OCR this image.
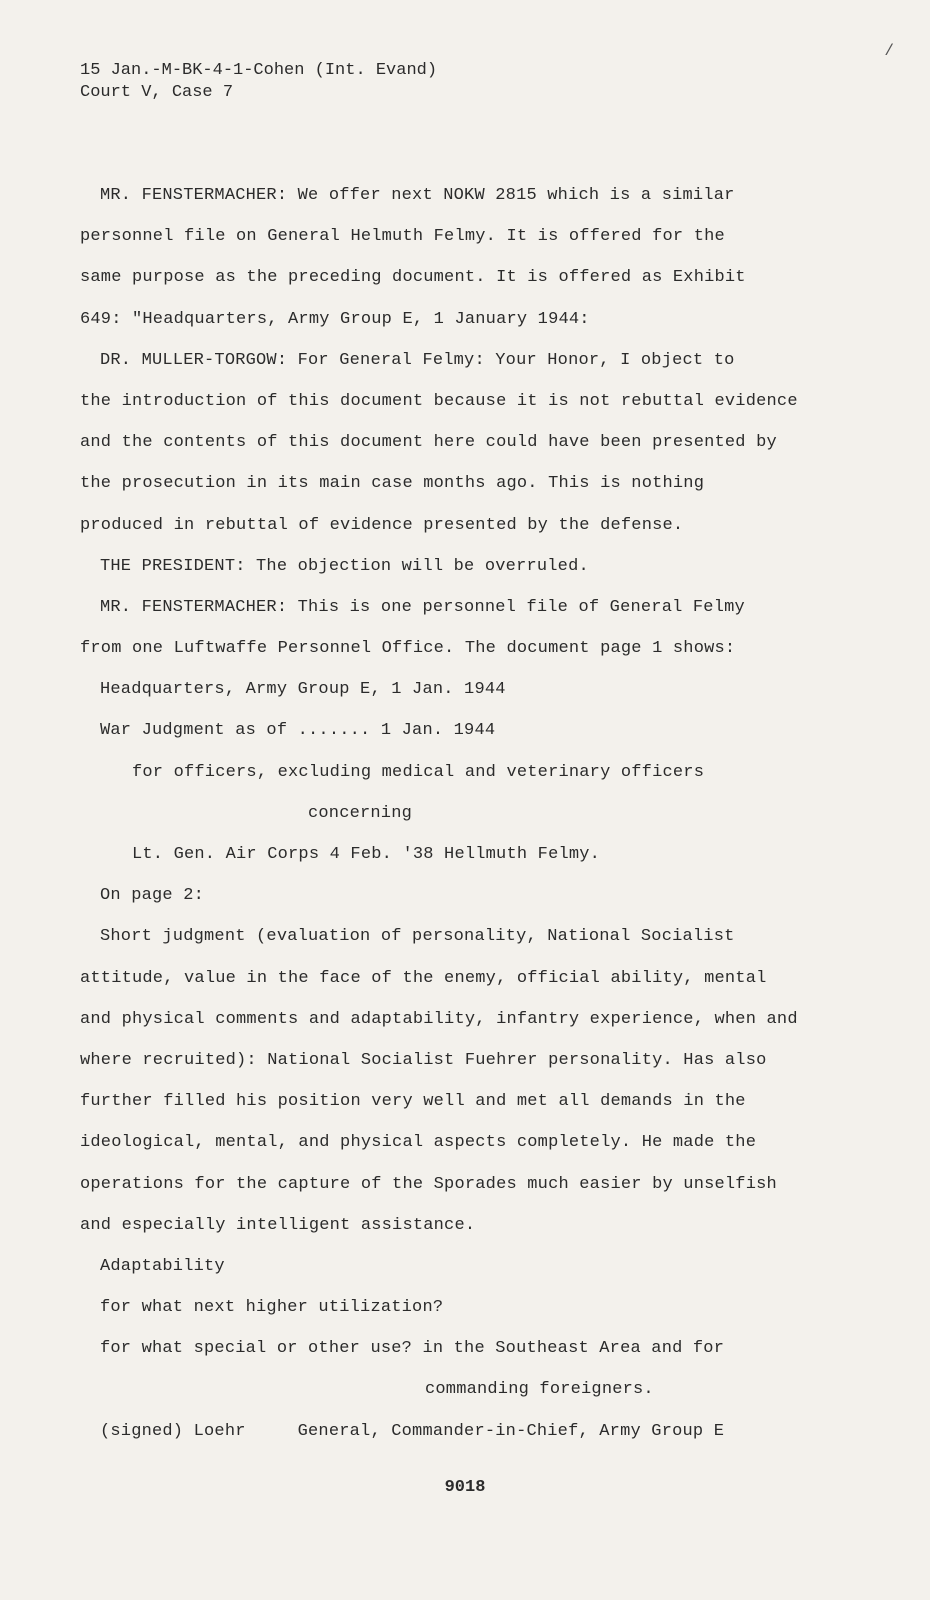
15 Jan.-M-BK-4-1-Cohen (Int. Evand)
Court V, Case 7
/
MR. FENSTERMACHER: We offer next NOKW 2815 which is a similar
personnel file on General Helmuth Felmy. It is offered for the
same purpose as the preceding document. It is offered as Exhibit
649: "Headquarters, Army Group E, 1 January 1944:
DR. MULLER-TORGOW: For General Felmy: Your Honor, I object to
the introduction of this document because it is not rebuttal evidence
and the contents of this document here could have been presented by
the prosecution in its main case months ago. This is nothing
produced in rebuttal of evidence presented by the defense.
THE PRESIDENT: The objection will be overruled.
MR. FENSTERMACHER: This is one personnel file of General Felmy
from one Luftwaffe Personnel Office. The document page 1 shows:
Headquarters, Army Group E, 1 Jan. 1944
War Judgment as of ....... 1 Jan. 1944
for officers, excluding medical and veterinary officers
concerning
Lt. Gen. Air Corps 4 Feb. '38 Hellmuth Felmy.
On page 2:
Short judgment (evaluation of personality, National Socialist
attitude, value in the face of the enemy, official ability, mental
and physical comments and adaptability, infantry experience, when and
where recruited): National Socialist Fuehrer personality. Has also
further filled his position very well and met all demands in the
ideological, mental, and physical aspects completely. He made the
operations for the capture of the Sporades much easier by unselfish
and especially intelligent assistance.
Adaptability
for what next higher utilization?
for what special or other use? in the Southeast Area and for
commanding foreigners.
(signed) Loehr     General, Commander-in-Chief, Army Group E
9018
